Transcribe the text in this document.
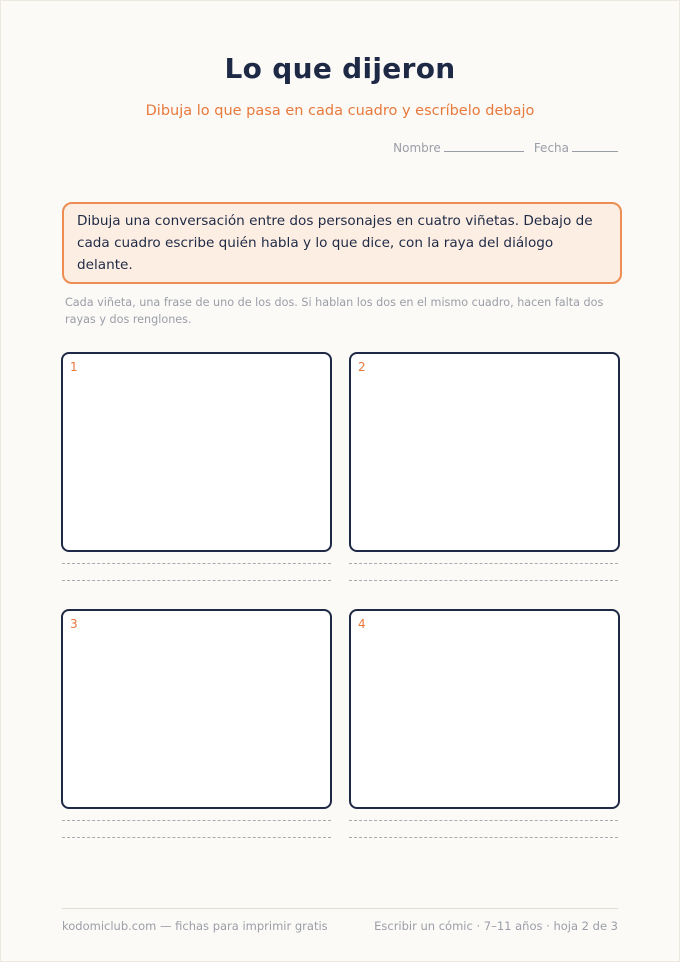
Lo que dijeron
Dibuja lo que pasa en cada cuadro y escríbelo debajo
Nombre	Fecha
Dibuja una conversación entre dos personajes en cuatro viñetas. Debajo de cada cuadro escribe quién habla y lo que dice, con la raya del diálogo delante.
Cada viñeta, una frase de uno de los dos. Si hablan los dos en el mismo cuadro, hacen falta dos rayas y dos renglones.
1	2
3	4
kodomiclub.com — fichas para imprimir gratis	Escribir un cómic · 7–11 años · hoja 2 de 3
